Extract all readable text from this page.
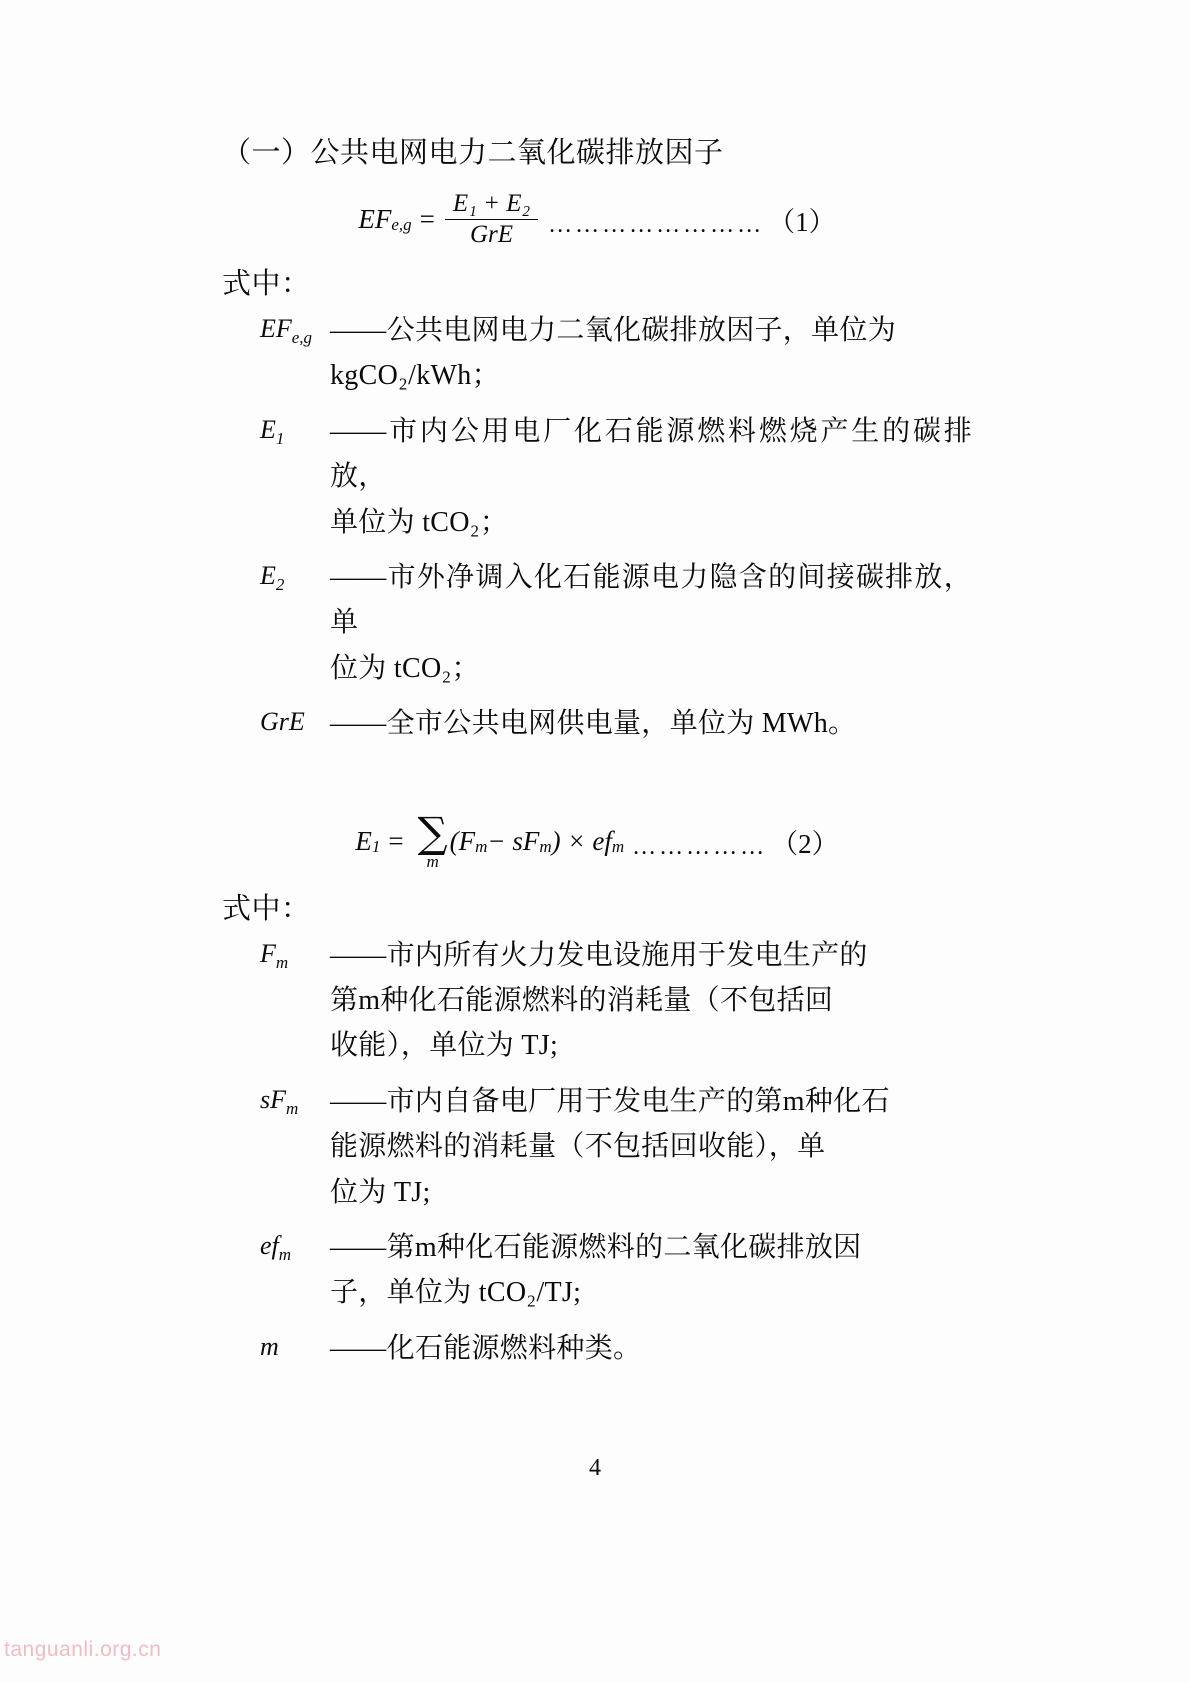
（一）公共电网电力二氧化碳排放因子

EF $e,g = \frac{\text{E₁ + E₂}}{\text{GrE}}$ …………………… （1）

式中：

$EF_{e,g}$ ——公共电网电力二氧化碳排放因子，单位为
kgCO₂/kWh；
$E_1$	——市内公用电厂化石能源燃料燃烧产生的碳排放，
单位为 tCO₂；
$E_2$	——市外净调入化石能源电力隐含的间接碳排放，单
位为 tCO₂；
GrE ——全市公共电网供电量，单位为 MWh。
E 1 = ∑
m
(F m − sF m ) ×
ef m …………… （2）

式中：

$F_m$	——市内所有火力发电设施用于发电生产的
第m种化石能源燃料的消耗量（不包括回
收能），单位为 TJ;
$sF_m$	——市内自备电厂用于发电生产的第m种化石
能源燃料的消耗量（不包括回收能），单
位为 TJ;
$ef_m$	——第m种化石能源燃料的二氧化碳排放因
子，单位为 tCO₂/TJ;
m	——化石能源燃料种类。
4
tanguanli.org.cn
